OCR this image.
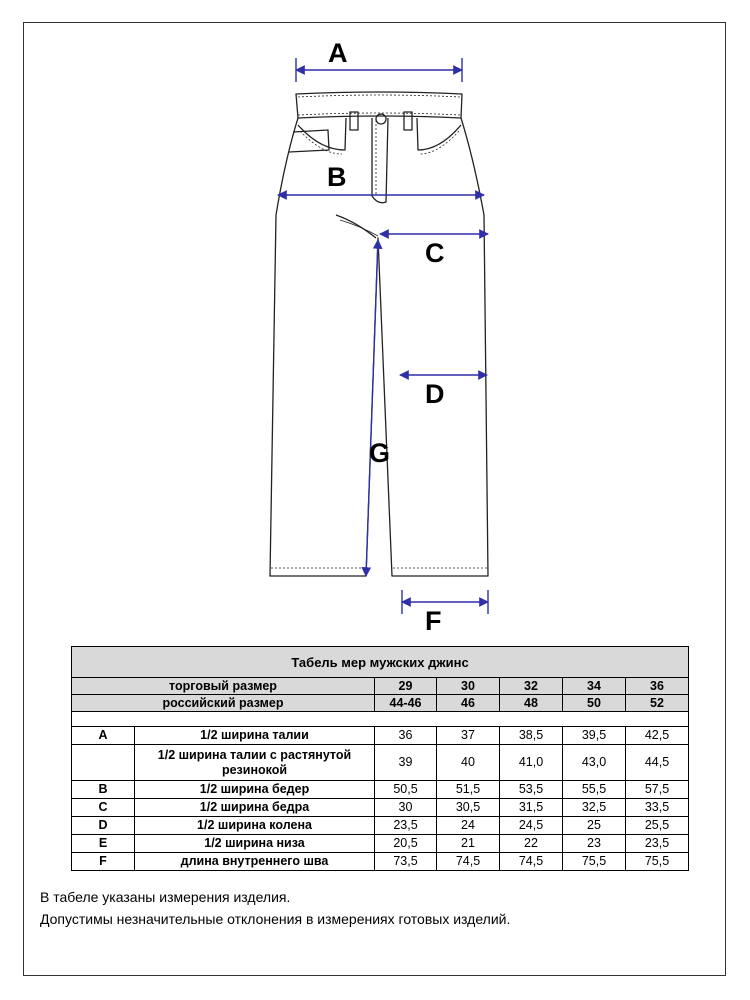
A
B
C
D
G
F
Табель мер мужских джинс						
торговый размер		29	30	32	34	36
российский размер		44-46	46	48	50	52

A	1/2 ширина талии	36	37	38,5	39,5	42,5
	1/2 ширина талии с растянутой резинокой	39	40	41,0	43,0	44,5
B	1/2 ширина бедер	50,5	51,5	53,5	55,5	57,5
C	1/2 ширина бедра	30	30,5	31,5	32,5	33,5
D	1/2 ширина колена	23,5	24	24,5	25	25,5
E	1/2 ширина низа	20,5	21	22	23	23,5
F	длина внутреннего шва	73,5	74,5	74,5	75,5	75,5
В табеле указаны измерения изделия.
Допустимы незначительные отклонения в измерениях готовых изделий.
